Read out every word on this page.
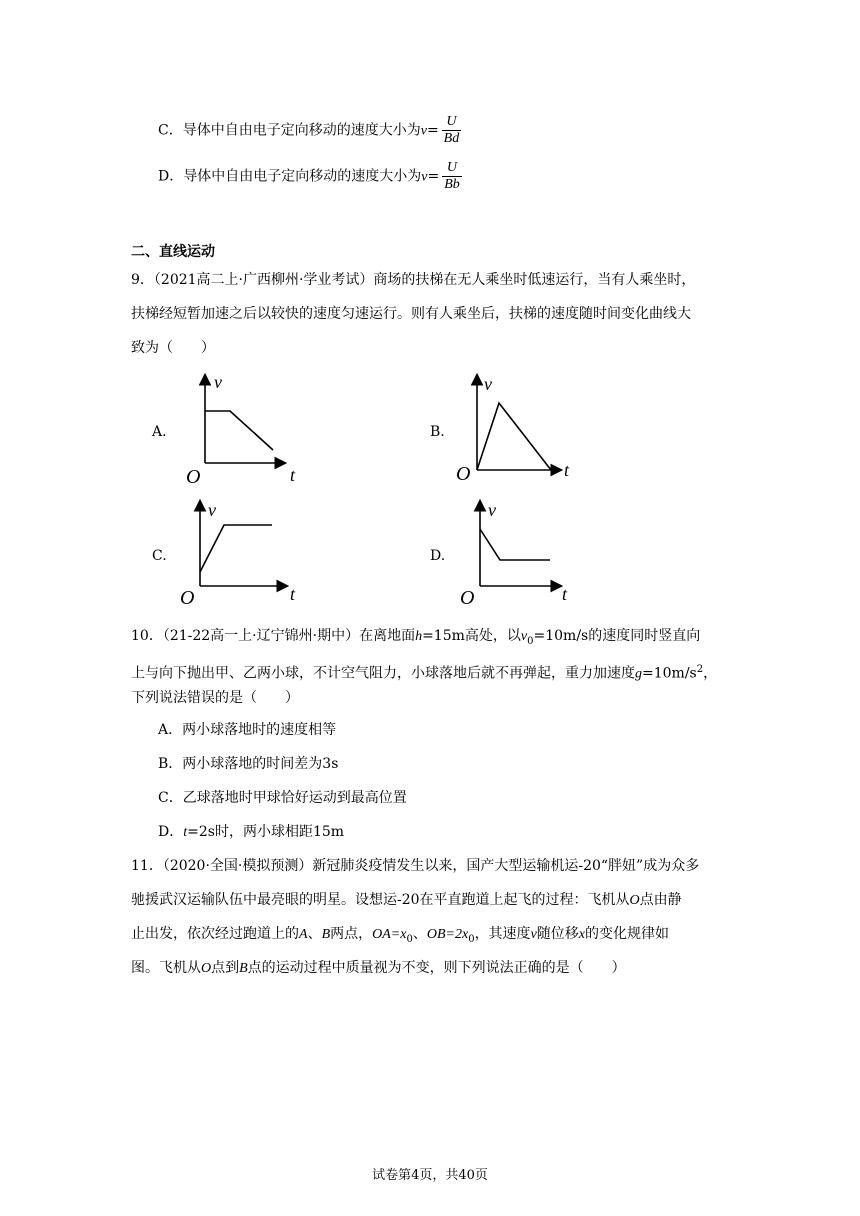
C．导体中自由电子定向移动的速度大小为$v= \frac{U}{Bd}$
D．导体中自由电子定向移动的速度大小为$v= \frac{U}{Bb}$
二、直线运动
9．（2021高二上·广西柳州·学业考试）商场的扶梯在无人乘坐时低速运行，当有人乘坐时，
扶梯经短暂加速之后以较快的速度匀速运行。则有人乘坐后，扶梯的速度随时间变化曲线大
致为（　　）
A.
v
t
O
B.
v
t
O
C.
v
t
O
D.
v
t
O
10．（21-22高一上·辽宁锦州·期中）在离地面h=15m高处，以$v_0=10m/s$的速度同时竖直向
上与向下抛出甲、乙两小球，不计空气阻力，小球落地后就不再弹起，重力加速度$g=10m/s^2$，
下列说法错误的是（　　）
A．两小球落地时的速度相等
B．两小球落地的时间差为3s
C．乙球落地时甲球恰好运动到最高位置
D．t=2s时，两小球相距15m
11．（2020·全国·模拟预测）新冠肺炎疫情发生以来，国产大型运输机运-20“胖妞”成为众多
驰援武汉运输队伍中最亮眼的明星。设想运-20在平直跑道上起飞的过程：飞机从O点由静
止出发，依次经过跑道上的A、B两点，$OA=x_0$、$OB=2x_0$，其速度v随位移x的变化规律如
图。飞机从O点到B点的运动过程中质量视为不变，则下列说法正确的是（　　）
试卷第4页，共40页
